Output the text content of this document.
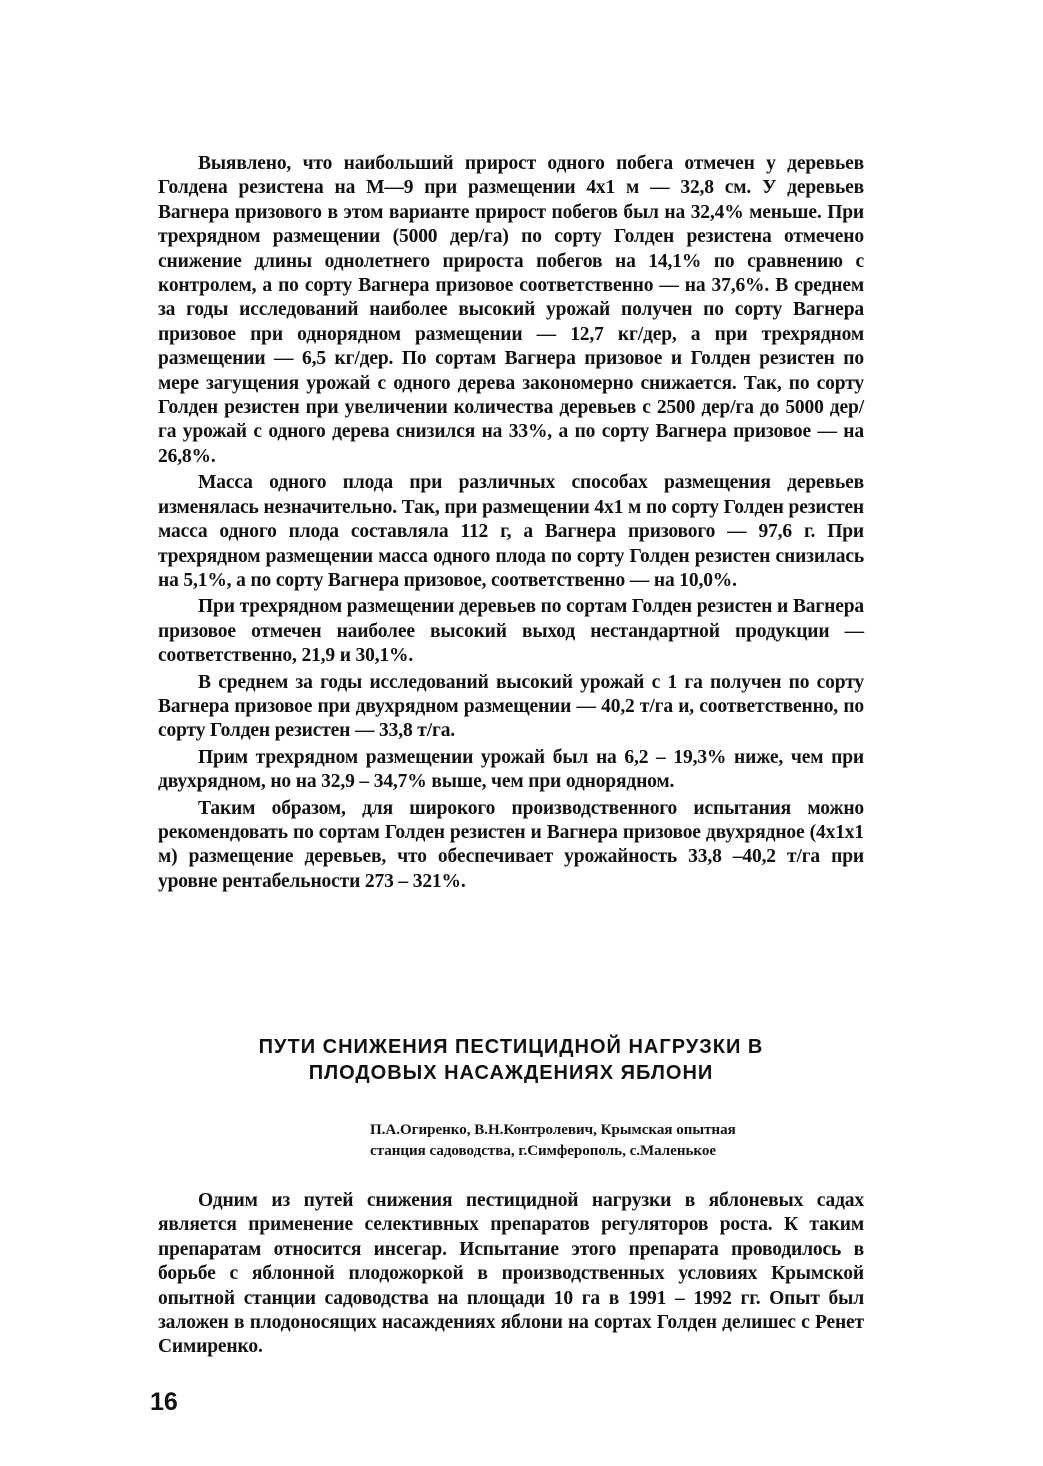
Выявлено, что наибольший прирост одного побега отмечен у деревьев Голдена резистена на М—9 при размещении 4х1 м — 32,8 см. У деревьев Вагнера призового в этом варианте прирост побегов был на 32,4% меньше. При трехрядном размещении (5000 дер/га) по сорту Голден резистена отмечено снижение длины однолетнего прироста побегов на 14,1% по сравнению с контролем, а по сорту Вагнера призовое соответственно — на 37,6%. В среднем за годы исследований наиболее высокий урожай получен по сорту Вагнера призовое при однорядном размещении — 12,7 кг/дер, а при трехрядном размещении — 6,5 кг/дер. По сортам Вагнера призовое и Голден резистен по мере загущения урожай с одного дерева закономерно снижается. Так, по сорту Голден резистен при увеличении количества деревьев с 2500 дер/га до 5000 дер/га урожай с одного дерева снизился на 33%, а по сорту Вагнера призовое — на 26,8%.

Масса одного плода при различных способах размещения деревьев изменялась незначительно. Так, при размещении 4х1 м по сорту Голден резистен масса одного плода составляла 112 г, а Вагнера призового — 97,6 г. При трехрядном размещении масса одного плода по сорту Голден резистен снизилась на 5,1%, а по сорту Вагнера призовое, соответственно — на 10,0%.

При трехрядном размещении деревьев по сортам Голден резистен и Вагнера призовое отмечен наиболее высокий выход нестандартной продукции — соответственно, 21,9 и 30,1%.

В среднем за годы исследований высокий урожай с 1 га получен по сорту Вагнера призовое при двухрядном размещении — 40,2 т/га и, соответственно, по сорту Голден резистен — 33,8 т/га.

Прим трехрядном размещении урожай был на 6,2 – 19,3% ниже, чем при двухрядном, но на 32,9 – 34,7% выше, чем при однорядном.

Таким образом, для широкого производственного испытания можно рекомендовать по сортам Голден резистен и Вагнера призовое двухрядное (4х1х1 м) размещение деревьев, что обеспечивает урожайность 33,8 –40,2 т/га при уровне рентабельности 273 – 321%.

ПУТИ СНИЖЕНИЯ ПЕСТИЦИДНОЙ НАГРУЗКИ В
ПЛОДОВЫХ НАСАЖДЕНИЯХ ЯБЛОНИ

П.А.Огиренко, В.Н.Контролевич, Крымская опытная
станция садоводства, г.Симферополь, с.Маленькое

Одним из путей снижения пестицидной нагрузки в яблоневых садах является применение селективных препаратов регуляторов роста. К таким препаратам относится инсегар. Испытание этого препарата проводилось в борьбе с яблонной плодожоркой в производственных условиях Крымской опытной станции садоводства на площади 10 га в 1991 – 1992 гг. Опыт был заложен в плодоносящих насаждениях яблони на сортах Голден делишес с Ренет Симиренко.

16
